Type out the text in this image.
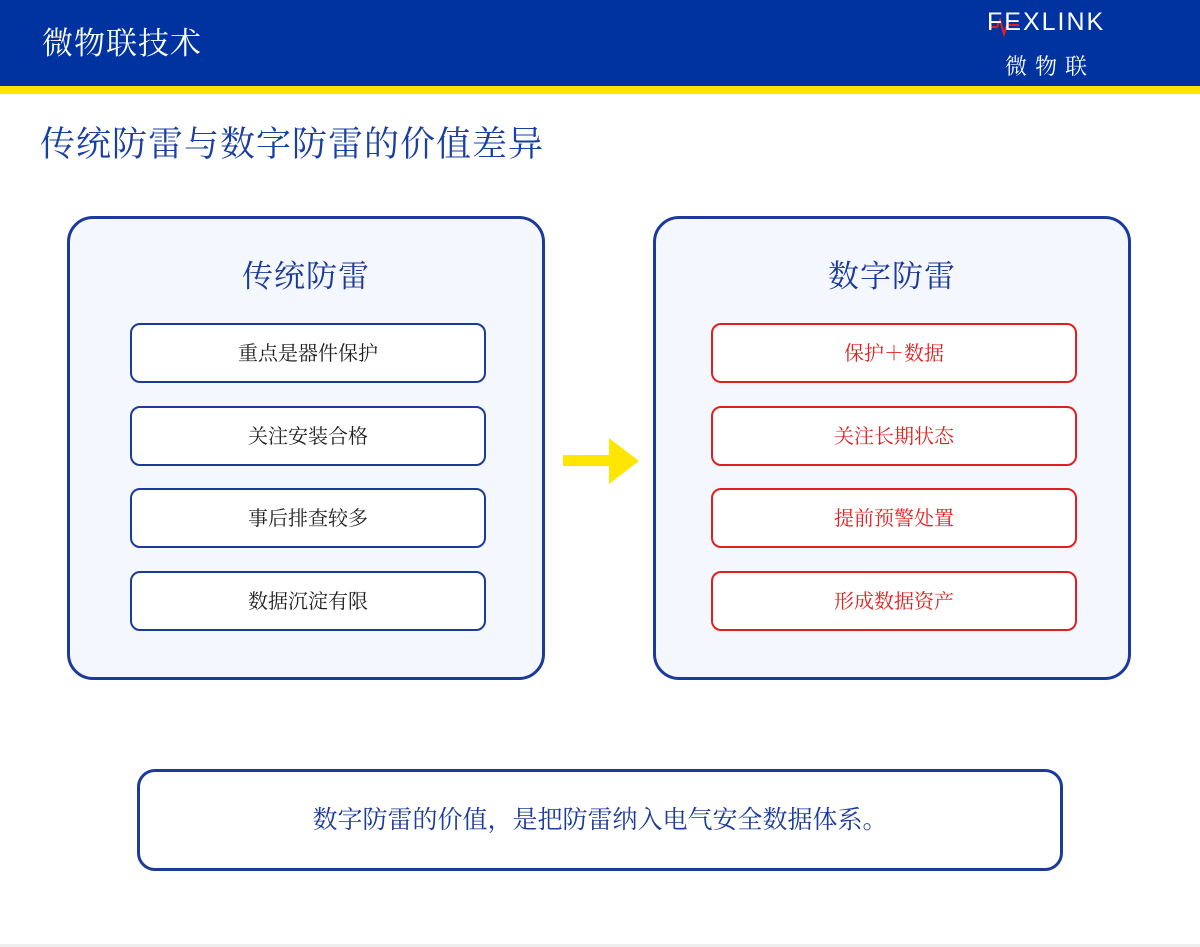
微物联技术
FEXLINK
微物联
传统防雷与数字防雷的价值差异
传统防雷
重点是器件保护
关注安装合格
事后排查较多
数据沉淀有限
数字防雷
保护＋数据
关注长期状态
提前预警处置
形成数据资产
数字防雷的价值，是把防雷纳入电气安全数据体系。
